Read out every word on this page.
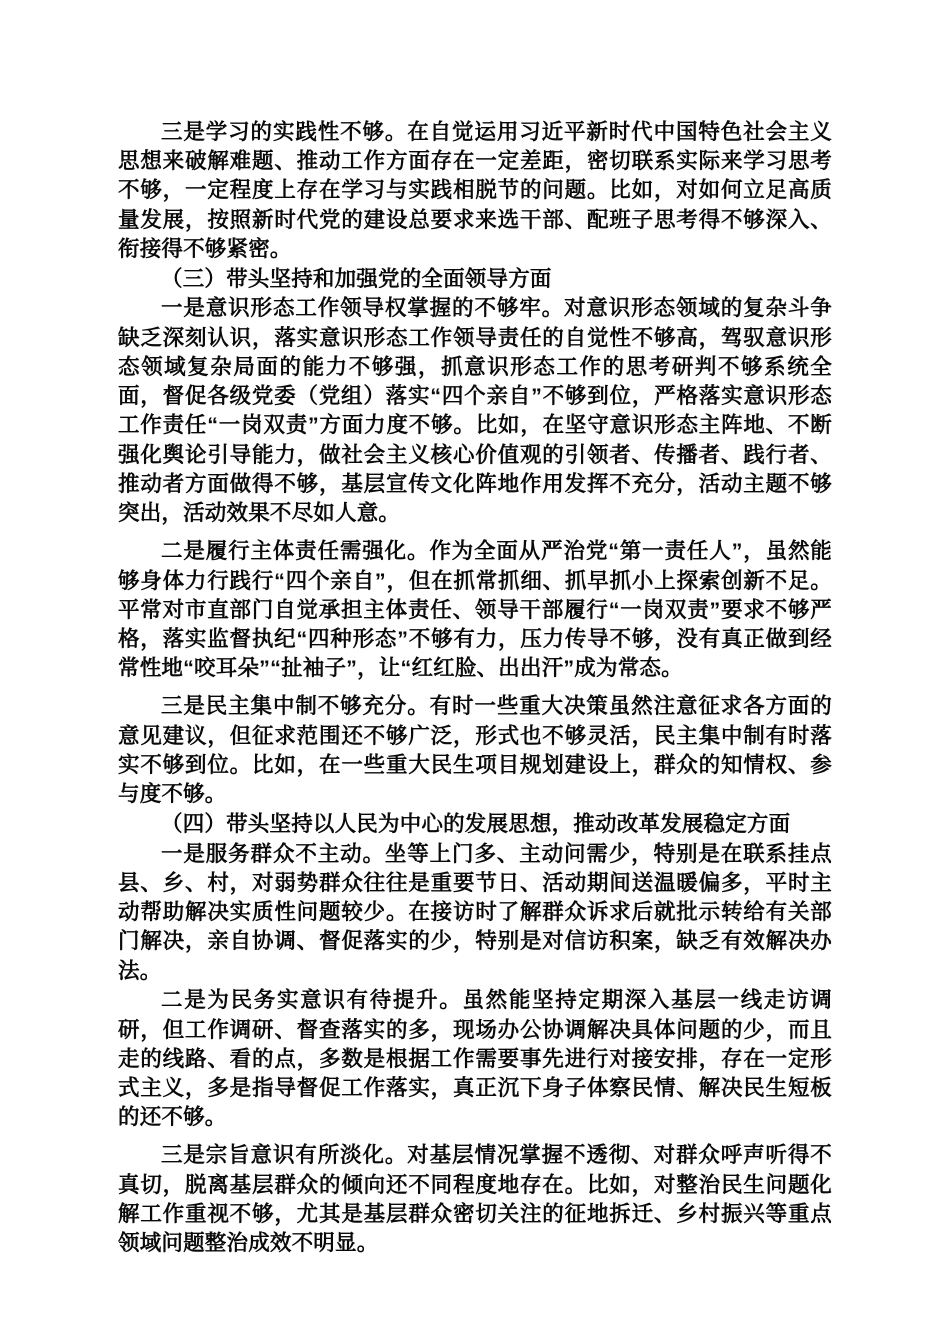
三是学习的实践性不够。在自觉运用习近平新时代中国特色社会主义思想来破解难题、推动工作方面存在一定差距，密切联系实际来学习思考不够，一定程度上存在学习与实践相脱节的问题。比如，对如何立足高质量发展，按照新时代党的建设总要求来选干部、配班子思考得不够深入、衔接得不够紧密。

（三）带头坚持和加强党的全面领导方面

一是意识形态工作领导权掌握的不够牢。对意识形态领域的复杂斗争缺乏深刻认识，落实意识形态工作领导责任的自觉性不够高，驾驭意识形态领域复杂局面的能力不够强，抓意识形态工作的思考研判不够系统全面，督促各级党委（党组）落实“四个亲自”不够到位，严格落实意识形态工作责任“一岗双责”方面力度不够。比如，在坚守意识形态主阵地、不断强化舆论引导能力，做社会主义核心价值观的引领者、传播者、践行者、推动者方面做得不够，基层宣传文化阵地作用发挥不充分，活动主题不够突出，活动效果不尽如人意。

二是履行主体责任需强化。作为全面从严治党“第一责任人”，虽然能够身体力行践行“四个亲自”，但在抓常抓细、抓早抓小上探索创新不足。平常对市直部门自觉承担主体责任、领导干部履行“一岗双责”要求不够严格，落实监督执纪“四种形态”不够有力，压力传导不够，没有真正做到经常性地“咬耳朵”“扯袖子”，让“红红脸、出出汗”成为常态。

三是民主集中制不够充分。有时一些重大决策虽然注意征求各方面的意见建议，但征求范围还不够广泛，形式也不够灵活，民主集中制有时落实不够到位。比如，在一些重大民生项目规划建设上，群众的知情权、参与度不够。

（四）带头坚持以人民为中心的发展思想，推动改革发展稳定方面

一是服务群众不主动。坐等上门多、主动问需少，特别是在联系挂点县、乡、村，对弱势群众往往是重要节日、活动期间送温暖偏多，平时主动帮助解决实质性问题较少。在接访时了解群众诉求后就批示转给有关部门解决，亲自协调、督促落实的少，特别是对信访积案，缺乏有效解决办法。

二是为民务实意识有待提升。虽然能坚持定期深入基层一线走访调研，但工作调研、督查落实的多，现场办公协调解决具体问题的少，而且走的线路、看的点，多数是根据工作需要事先进行对接安排，存在一定形式主义，多是指导督促工作落实，真正沉下身子体察民情、解决民生短板的还不够。

三是宗旨意识有所淡化。对基层情况掌握不透彻、对群众呼声听得不真切，脱离基层群众的倾向还不同程度地存在。比如，对整治民生问题化解工作重视不够，尤其是基层群众密切关注的征地拆迁、乡村振兴等重点领域问题整治成效不明显。
